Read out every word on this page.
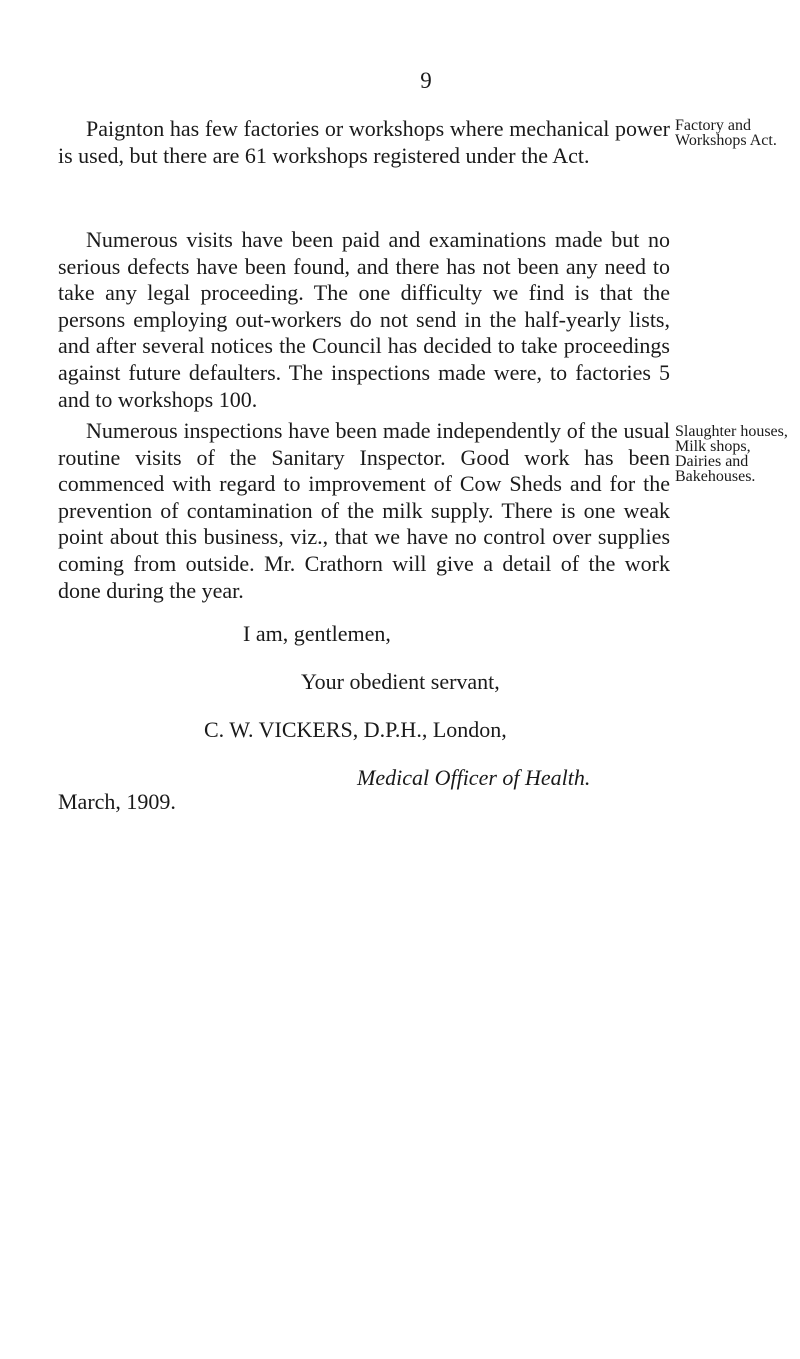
9

Paignton has few factories or workshops where mechanical power is used, but there are 61 workshops registered under the Act.

Factory and Workshops Act.

Numerous visits have been paid and examinations made but no serious defects have been found, and there has not been any need to take any legal proceeding. The one difficulty we find is that the persons employing out-workers do not send in the half-yearly lists, and after several notices the Council has decided to take proceedings against future defaulters. The inspections made were, to factories 5 and to workshops 100.

Numerous inspections have been made independently of the usual routine visits of the Sanitary Inspector. Good work has been commenced with regard to improvement of Cow Sheds and for the prevention of contamination of the milk supply. There is one weak point about this business, viz., that we have no control over supplies coming from outside. Mr. Crathorn will give a detail of the work done during the year.

Slaughter houses, Milk shops, Dairies and Bakehouses.

I am, gentlemen,

Your obedient servant,

C. W. VICKERS, D.P.H., London,

Medical Officer of Health.

March, 1909.
